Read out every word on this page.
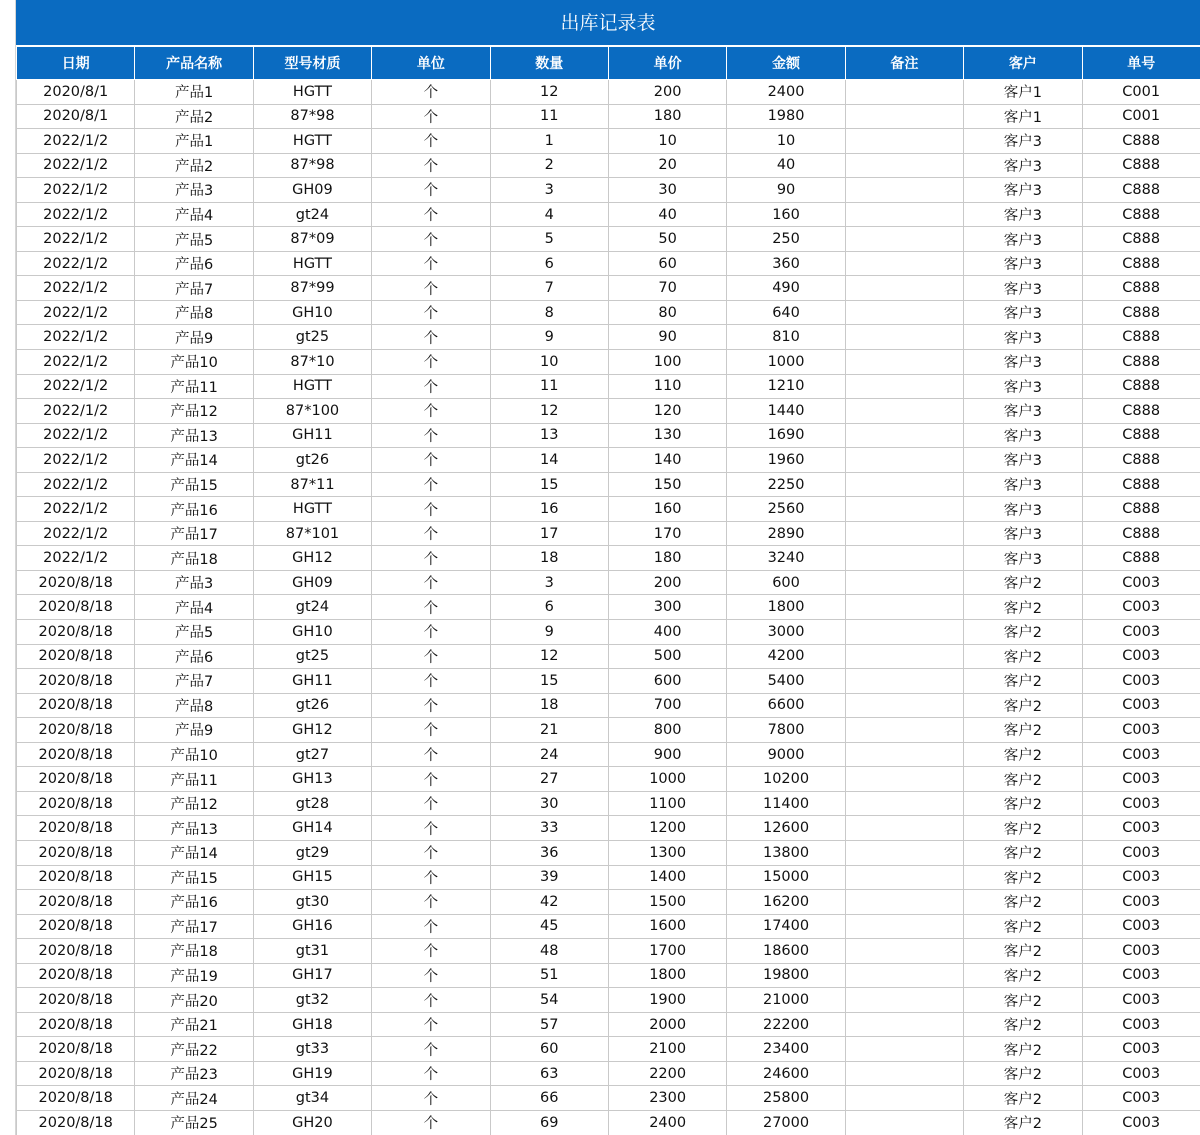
出库记录表
日期	产品名称	型号材质	单位	数量	单价	金额	备注	客户	单号
2020/8/1	产品1	HGTT	个	12	200	2400		客户1	C001
2020/8/1	产品2	87*98	个	11	180	1980		客户1	C001
2022/1/2	产品1	HGTT	个	1	10	10		客户3	C888
2022/1/2	产品2	87*98	个	2	20	40		客户3	C888
2022/1/2	产品3	GH09	个	3	30	90		客户3	C888
2022/1/2	产品4	gt24	个	4	40	160		客户3	C888
2022/1/2	产品5	87*09	个	5	50	250		客户3	C888
2022/1/2	产品6	HGTT	个	6	60	360		客户3	C888
2022/1/2	产品7	87*99	个	7	70	490		客户3	C888
2022/1/2	产品8	GH10	个	8	80	640		客户3	C888
2022/1/2	产品9	gt25	个	9	90	810		客户3	C888
2022/1/2	产品10	87*10	个	10	100	1000		客户3	C888
2022/1/2	产品11	HGTT	个	11	110	1210		客户3	C888
2022/1/2	产品12	87*100	个	12	120	1440		客户3	C888
2022/1/2	产品13	GH11	个	13	130	1690		客户3	C888
2022/1/2	产品14	gt26	个	14	140	1960		客户3	C888
2022/1/2	产品15	87*11	个	15	150	2250		客户3	C888
2022/1/2	产品16	HGTT	个	16	160	2560		客户3	C888
2022/1/2	产品17	87*101	个	17	170	2890		客户3	C888
2022/1/2	产品18	GH12	个	18	180	3240		客户3	C888
2020/8/18	产品3	GH09	个	3	200	600		客户2	C003
2020/8/18	产品4	gt24	个	6	300	1800		客户2	C003
2020/8/18	产品5	GH10	个	9	400	3000		客户2	C003
2020/8/18	产品6	gt25	个	12	500	4200		客户2	C003
2020/8/18	产品7	GH11	个	15	600	5400		客户2	C003
2020/8/18	产品8	gt26	个	18	700	6600		客户2	C003
2020/8/18	产品9	GH12	个	21	800	7800		客户2	C003
2020/8/18	产品10	gt27	个	24	900	9000		客户2	C003
2020/8/18	产品11	GH13	个	27	1000	10200		客户2	C003
2020/8/18	产品12	gt28	个	30	1100	11400		客户2	C003
2020/8/18	产品13	GH14	个	33	1200	12600		客户2	C003
2020/8/18	产品14	gt29	个	36	1300	13800		客户2	C003
2020/8/18	产品15	GH15	个	39	1400	15000		客户2	C003
2020/8/18	产品16	gt30	个	42	1500	16200		客户2	C003
2020/8/18	产品17	GH16	个	45	1600	17400		客户2	C003
2020/8/18	产品18	gt31	个	48	1700	18600		客户2	C003
2020/8/18	产品19	GH17	个	51	1800	19800		客户2	C003
2020/8/18	产品20	gt32	个	54	1900	21000		客户2	C003
2020/8/18	产品21	GH18	个	57	2000	22200		客户2	C003
2020/8/18	产品22	gt33	个	60	2100	23400		客户2	C003
2020/8/18	产品23	GH19	个	63	2200	24600		客户2	C003
2020/8/18	产品24	gt34	个	66	2300	25800		客户2	C003
2020/8/18	产品25	GH20	个	69	2400	27000		客户2	C003
